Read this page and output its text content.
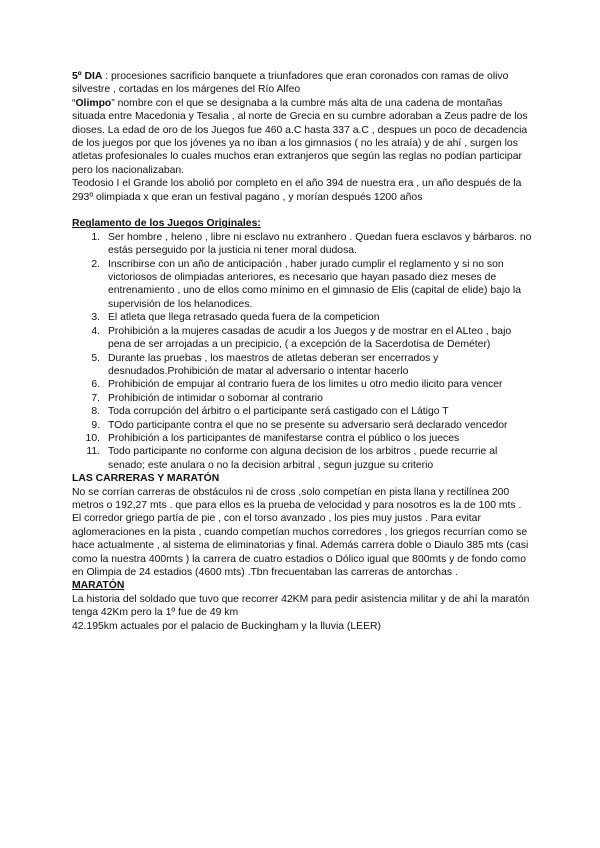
5º DIA : procesiones sacrificio banquete a triunfadores que eran coronados con ramas de olivo silvestre , cortadas en los márgenes del Río Alfeo

“Olimpo” nombre con el que se designaba a la cumbre más alta de una cadena de montañas situada entre Macedonia y Tesalia , al norte de Grecia en su cumbre adoraban a Zeus padre de los dioses. La edad de oro de los Juegos fue 460 a.C hasta 337 a.C , despues un poco de decadencia de los juegos por que los jóvenes ya no iban a los gimnasios ( no les atraía) y de ahí , surgen los atletas profesionales lo cuales muchos eran extranjeros que según las reglas no podían participar pero los nacionalizaban.

Teodosio I el Grande los abolió por completo en el año 394 de nuestra era , un año después de la 293º olimpiada x que eran un festival pagano , y morían después 1200 años

Reglamento de los Juegos Originales:

1. Ser hombre , heleno , libre ni esclavo nu extranhero . Quedan fuera esclavos y bárbaros. no estás perseguido por la justicia ni tener moral dudosa.
2. Inscribirse con un año de anticipación , haber jurado cumplir el reglamento y si no son victoriosos de olimpiadas anteriores, es necesario que hayan pasado diez meses de entrenamiento , uno de ellos como mínimo en el gimnasio de Elis (capital de elide) bajo la supervisión de los helanodices.
3. El atleta que llega retrasado queda fuera de la competicion
4. Prohibición a la mujeres casadas de acudir a los Juegos y de mostrar en el ALteo , bajo pena de ser arrojadas a un precipicio, ( a excepción de la Sacerdotisa de Deméter)
5. Durante las pruebas , los maestros de atletas deberan ser encerrados y desnudados.Prohibición de matar al adversario o intentar hacerlo
6. Prohibición de empujar al contrario fuera de los limites u otro medio ilicito para vencer
7. Prohibición de intimidar o sobornar al contrario
8. Toda corrupción del árbitro o el participante será castigado con el Látigo T
9. TOdo participante contra el que no se presente su adversario será declarado vencedor
10. Prohibición a los participantes de manifestarse contra el público o los jueces
11. Todo participante no conforme con alguna decision de los arbitros , puede recurrie al senado; este anulara o no la decision arbitral , segun juzgue su criterio

LAS CARRERAS Y MARATÓN

No se corrían carreras de obstáculos ni de cross ,solo competían en pista llana y rectilínea 200 metros o 192,27 mts . que para ellos es la prueba de velocidad y para nosotros es la de 100 mts . El corredor griego partía de pie , con el torso avanzado , los pies muy justos . Para evitar aglomeraciones en la pista , cuando competían muchos corredores , los griegos recurrían como se hace actualmente , al sistema de eliminatorias y final. Además carrera doble o Diaulo 385 mts (casi como la nuestra 400mts ) la carrera de cuatro estadios o Dólico igual que 800mts y de fondo como en Olimpia de 24 estadios (4600 mts) .Tbn frecuentaban las carreras de antorchas .

MARATÓN

La historia del soldado que tuvo que recorrer 42KM para pedir asistencia militar y de ahí la maratón tenga 42Km pero la 1º fue de 49 km

42.195km actuales por el palacio de Buckingham y la lluvia (LEER)
